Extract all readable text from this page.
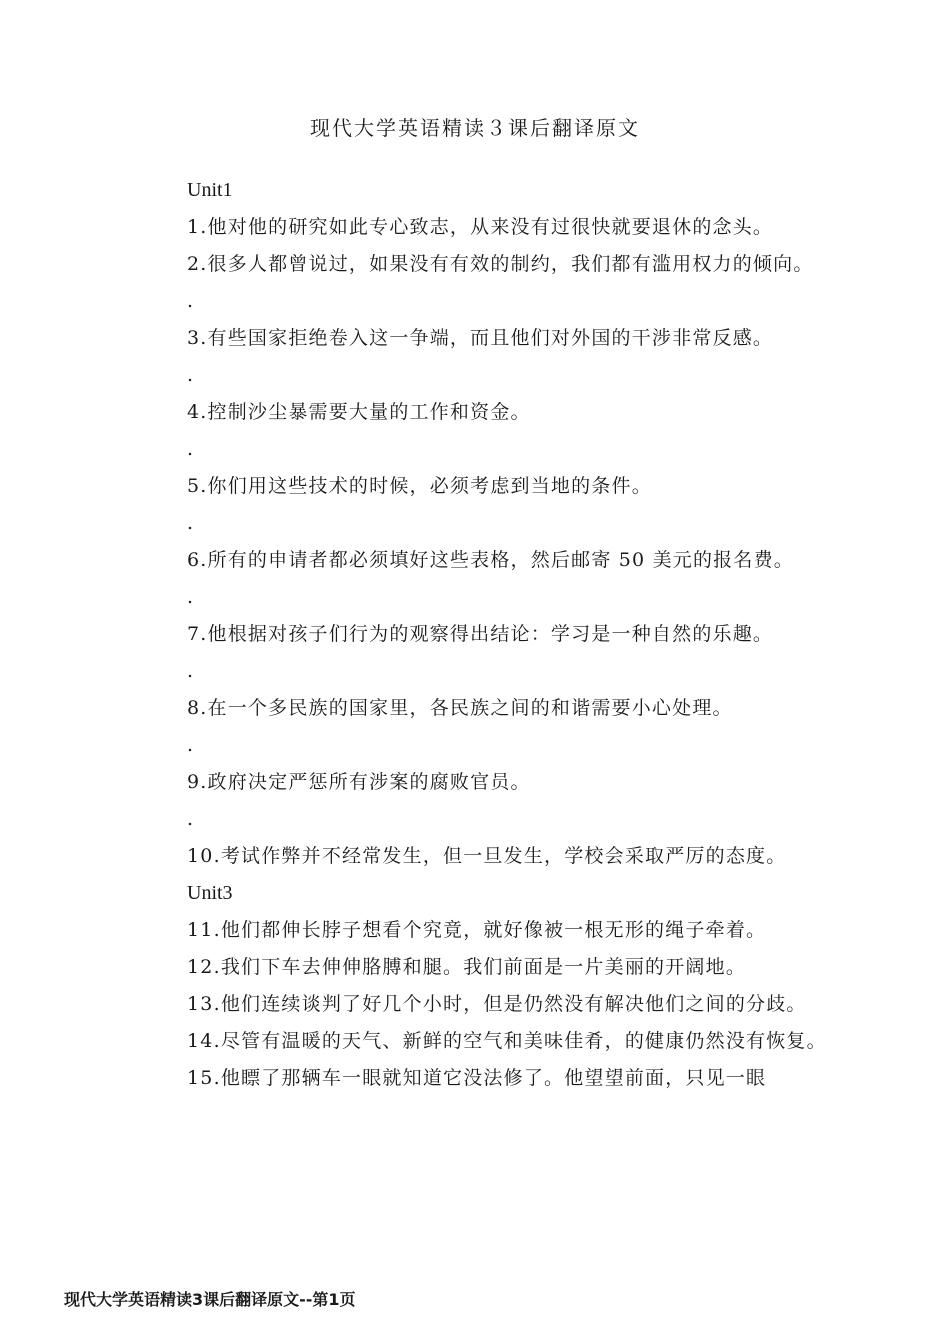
现代大学英语精读３课后翻译原文

Unit1

1.他对他的研究如此专心致志，从来没有过很快就要退休的念头。

2.很多人都曾说过，如果没有有效的制约，我们都有滥用权力的倾向。

.

3.有些国家拒绝卷入这一争端，而且他们对外国的干涉非常反感。

.

4.控制沙尘暴需要大量的工作和资金。

.

5.你们用这些技术的时候，必须考虑到当地的条件。

.

6.所有的申请者都必须填好这些表格，然后邮寄 50 美元的报名费。

.

7.他根据对孩子们行为的观察得出结论：学习是一种自然的乐趣。

.

8.在一个多民族的国家里，各民族之间的和谐需要小心处理。

.

9.政府决定严惩所有涉案的腐败官员。

.

10.考试作弊并不经常发生，但一旦发生，学校会采取严厉的态度。

Unit3

11.他们都伸长脖子想看个究竟，就好像被一根无形的绳子牵着。

12.我们下车去伸伸胳膊和腿。我们前面是一片美丽的开阔地。

13.他们连续谈判了好几个小时，但是仍然没有解决他们之间的分歧。

14.尽管有温暖的天气、新鲜的空气和美味佳肴，的健康仍然没有恢复。

15.他瞟了那辆车一眼就知道它没法修了。他望望前面，只见一眼

现代大学英语精读3课后翻译原文--第1页
